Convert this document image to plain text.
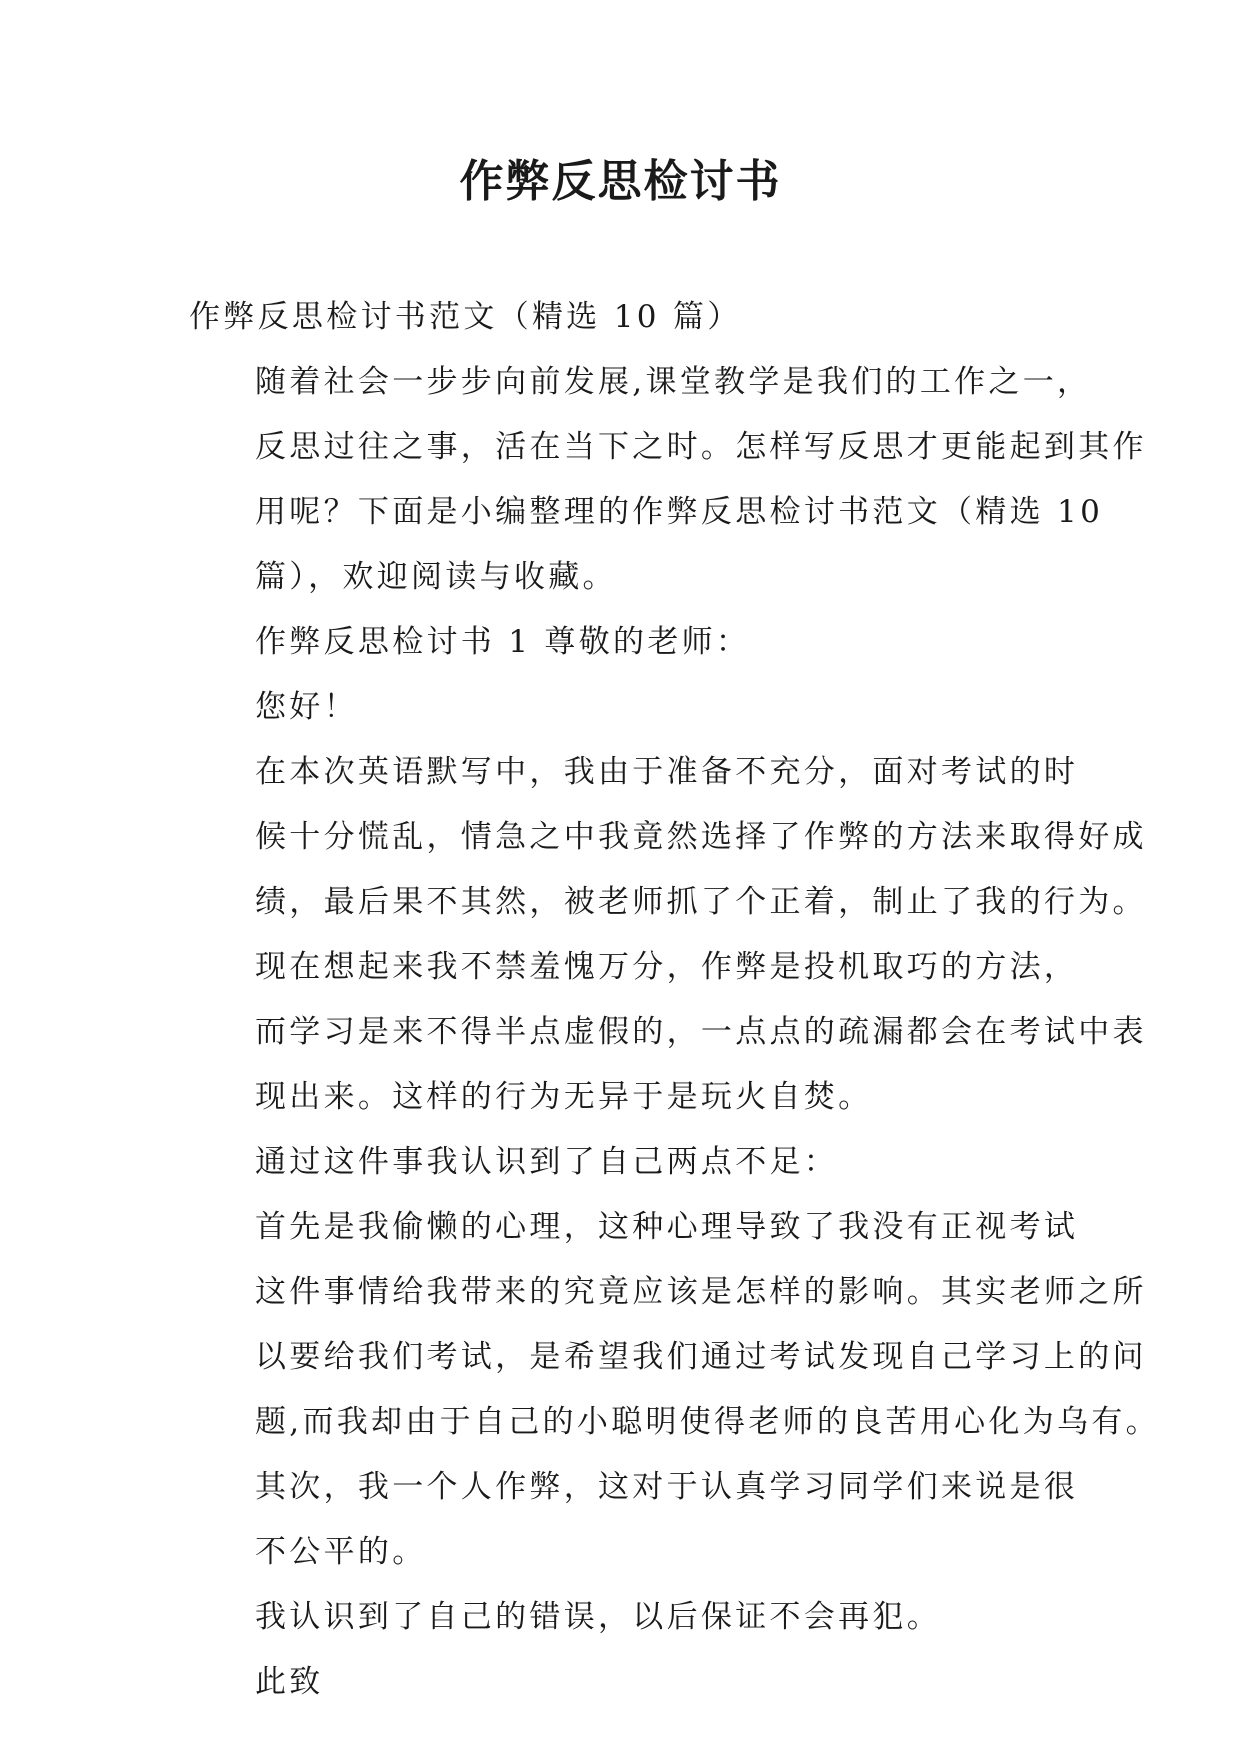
作弊反思检讨书

作弊反思检讨书范文（精选 10 篇）

随着社会一步步向前发展,课堂教学是我们的工作之一，
反思过往之事，活在当下之时。怎样写反思才更能起到其作
用呢？下面是小编整理的作弊反思检讨书范文（精选 10
篇），欢迎阅读与收藏。

作弊反思检讨书 1 尊敬的老师：

您好！

在本次英语默写中，我由于准备不充分，面对考试的时
候十分慌乱，情急之中我竟然选择了作弊的方法来取得好成
绩，最后果不其然，被老师抓了个正着，制止了我的行为。

现在想起来我不禁羞愧万分，作弊是投机取巧的方法，
而学习是来不得半点虚假的，一点点的疏漏都会在考试中表
现出来。这样的行为无异于是玩火自焚。

通过这件事我认识到了自己两点不足：

首先是我偷懒的心理，这种心理导致了我没有正视考试
这件事情给我带来的究竟应该是怎样的影响。其实老师之所
以要给我们考试，是希望我们通过考试发现自己学习上的问
题,而我却由于自己的小聪明使得老师的良苦用心化为乌有。

其次，我一个人作弊，这对于认真学习同学们来说是很
不公平的。

我认识到了自己的错误，以后保证不会再犯。

此致
